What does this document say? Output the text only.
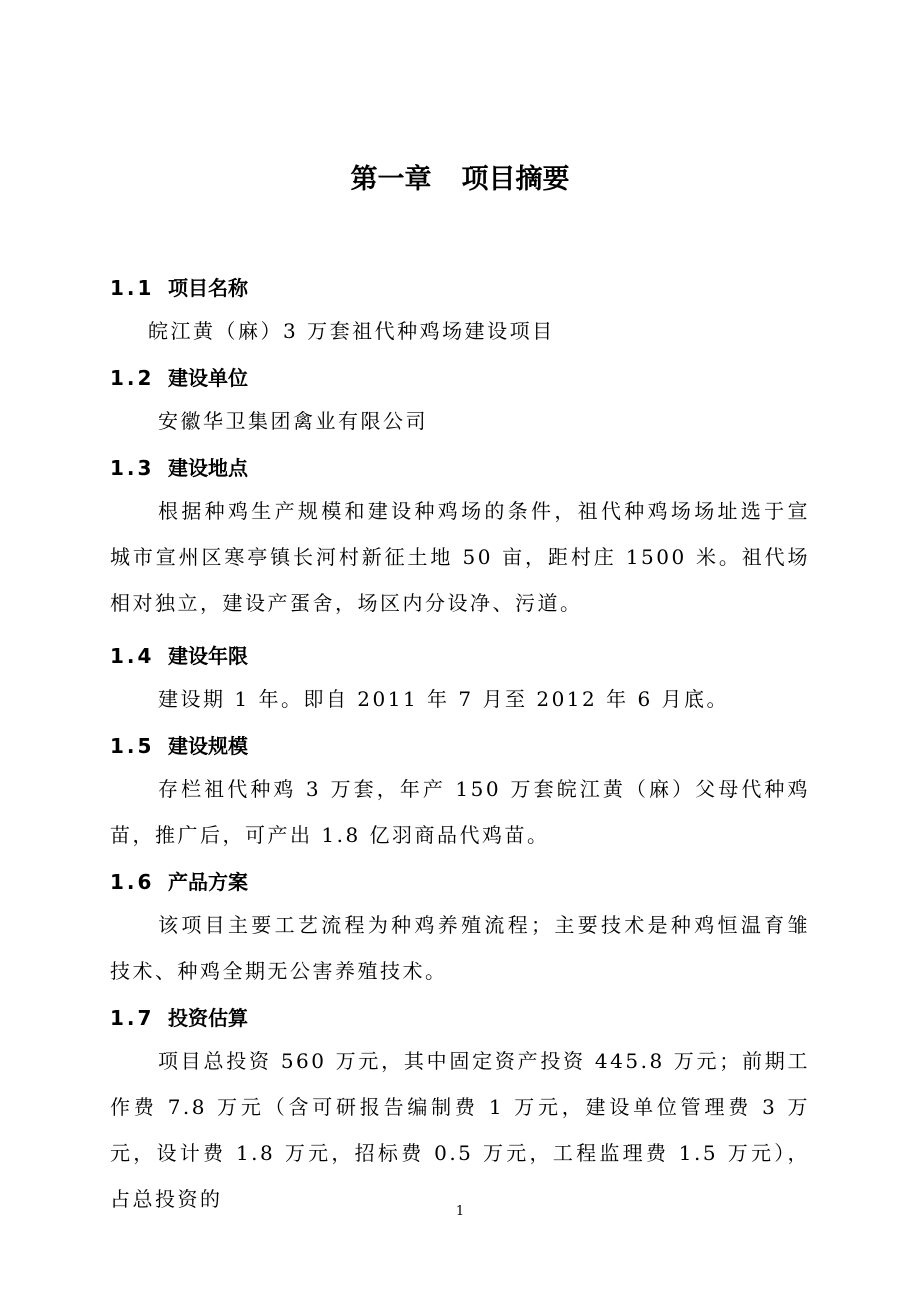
第一章 项目摘要
1.1 项目名称

皖江黄（麻）3 万套祖代种鸡场建设项目

1.2 建设单位

安徽华卫集团禽业有限公司

1.3 建设地点

根据种鸡生产规模和建设种鸡场的条件，祖代种鸡场场址选于宣城市宣州区寒亭镇长河村新征土地 50 亩，距村庄 1500 米。祖代场相对独立，建设产蛋舍，场区内分设净、污道。

1.4 建设年限

建设期 1 年。即自 2011 年 7 月至 2012 年 6 月底。

1.5 建设规模

存栏祖代种鸡 3 万套，年产 150 万套皖江黄（麻）父母代种鸡苗，推广后，可产出 1.8 亿羽商品代鸡苗。

1.6 产品方案

该项目主要工艺流程为种鸡养殖流程；主要技术是种鸡恒温育雏技术、种鸡全期无公害养殖技术。

1.7 投资估算

项目总投资 560 万元，其中固定资产投资 445.8 万元；前期工作费 7.8 万元（含可研报告编制费 1 万元，建设单位管理费 3 万元，设计费 1.8 万元，招标费 0.5 万元，工程监理费 1.5 万元），占总投资的

1
